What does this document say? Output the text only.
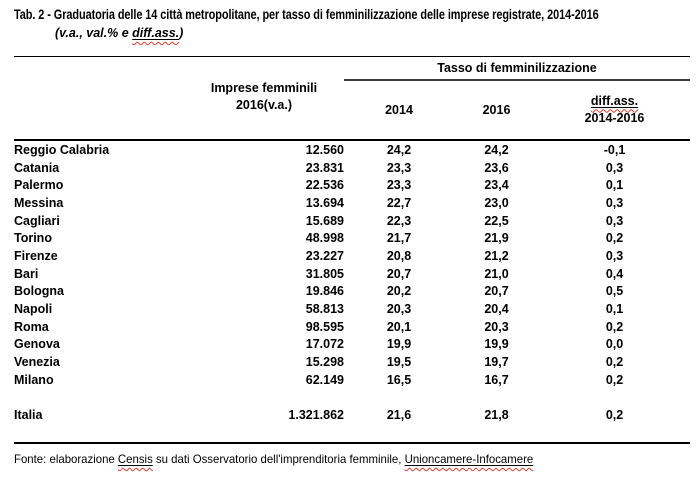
Tab. 2 - Graduatoria delle 14 città metropolitane, per tasso di femminilizzazione delle imprese registrate, 2014-2016
(v.a., val.% e diff.ass.)
		Tasso di femminilizzazione		

Imprese femminili
2016(v.a.)	2014	2016	
diff.ass.
2014-2016

Reggio Calabria	12.560	24,2	24,2	-0,1
Catania	23.831	23,3	23,6	0,3
Palermo	22.536	23,3	23,4	0,1
Messina	13.694	22,7	23,0	0,3
Cagliari	15.689	22,3	22,5	0,3
Torino	48.998	21,7	21,9	0,2
Firenze	23.227	20,8	21,2	0,3
Bari	31.805	20,7	21,0	0,4
Bologna	19.846	20,2	20,7	0,5
Napoli	58.813	20,3	20,4	0,1
Roma	98.595	20,1	20,3	0,2
Genova	17.072	19,9	19,9	0,0
Venezia	15.298	19,5	19,7	0,2
Milano	62.149	16,5	16,7	0,2

Italia	1.321.862	21,6	21,8	0,2

Fonte: elaborazione Censis su dati Osservatorio dell'imprenditoria femminile, Unioncamere-Infocamere
